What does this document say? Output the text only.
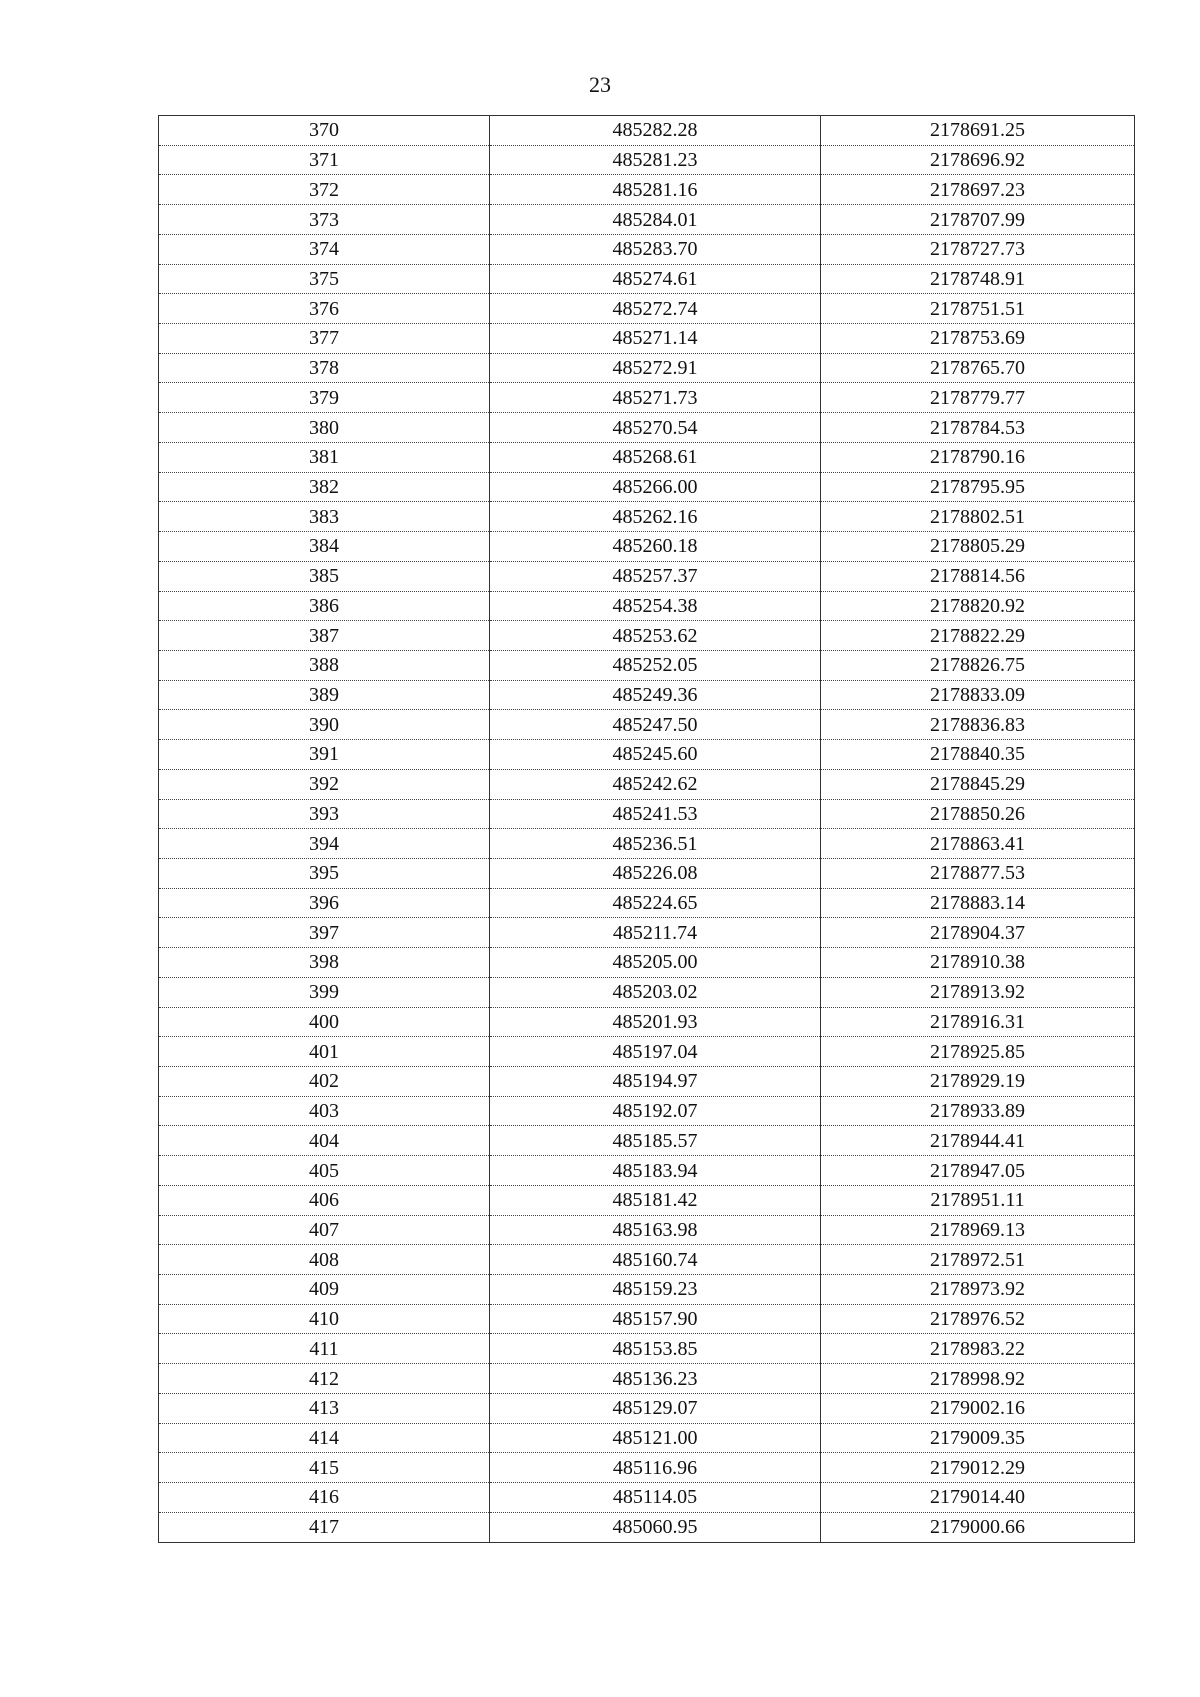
23
370	485282.28	2178691.25
371	485281.23	2178696.92
372	485281.16	2178697.23
373	485284.01	2178707.99
374	485283.70	2178727.73
375	485274.61	2178748.91
376	485272.74	2178751.51
377	485271.14	2178753.69
378	485272.91	2178765.70
379	485271.73	2178779.77
380	485270.54	2178784.53
381	485268.61	2178790.16
382	485266.00	2178795.95
383	485262.16	2178802.51
384	485260.18	2178805.29
385	485257.37	2178814.56
386	485254.38	2178820.92
387	485253.62	2178822.29
388	485252.05	2178826.75
389	485249.36	2178833.09
390	485247.50	2178836.83
391	485245.60	2178840.35
392	485242.62	2178845.29
393	485241.53	2178850.26
394	485236.51	2178863.41
395	485226.08	2178877.53
396	485224.65	2178883.14
397	485211.74	2178904.37
398	485205.00	2178910.38
399	485203.02	2178913.92
400	485201.93	2178916.31
401	485197.04	2178925.85
402	485194.97	2178929.19
403	485192.07	2178933.89
404	485185.57	2178944.41
405	485183.94	2178947.05
406	485181.42	2178951.11
407	485163.98	2178969.13
408	485160.74	2178972.51
409	485159.23	2178973.92
410	485157.90	2178976.52
411	485153.85	2178983.22
412	485136.23	2178998.92
413	485129.07	2179002.16
414	485121.00	2179009.35
415	485116.96	2179012.29
416	485114.05	2179014.40
417	485060.95	2179000.66
